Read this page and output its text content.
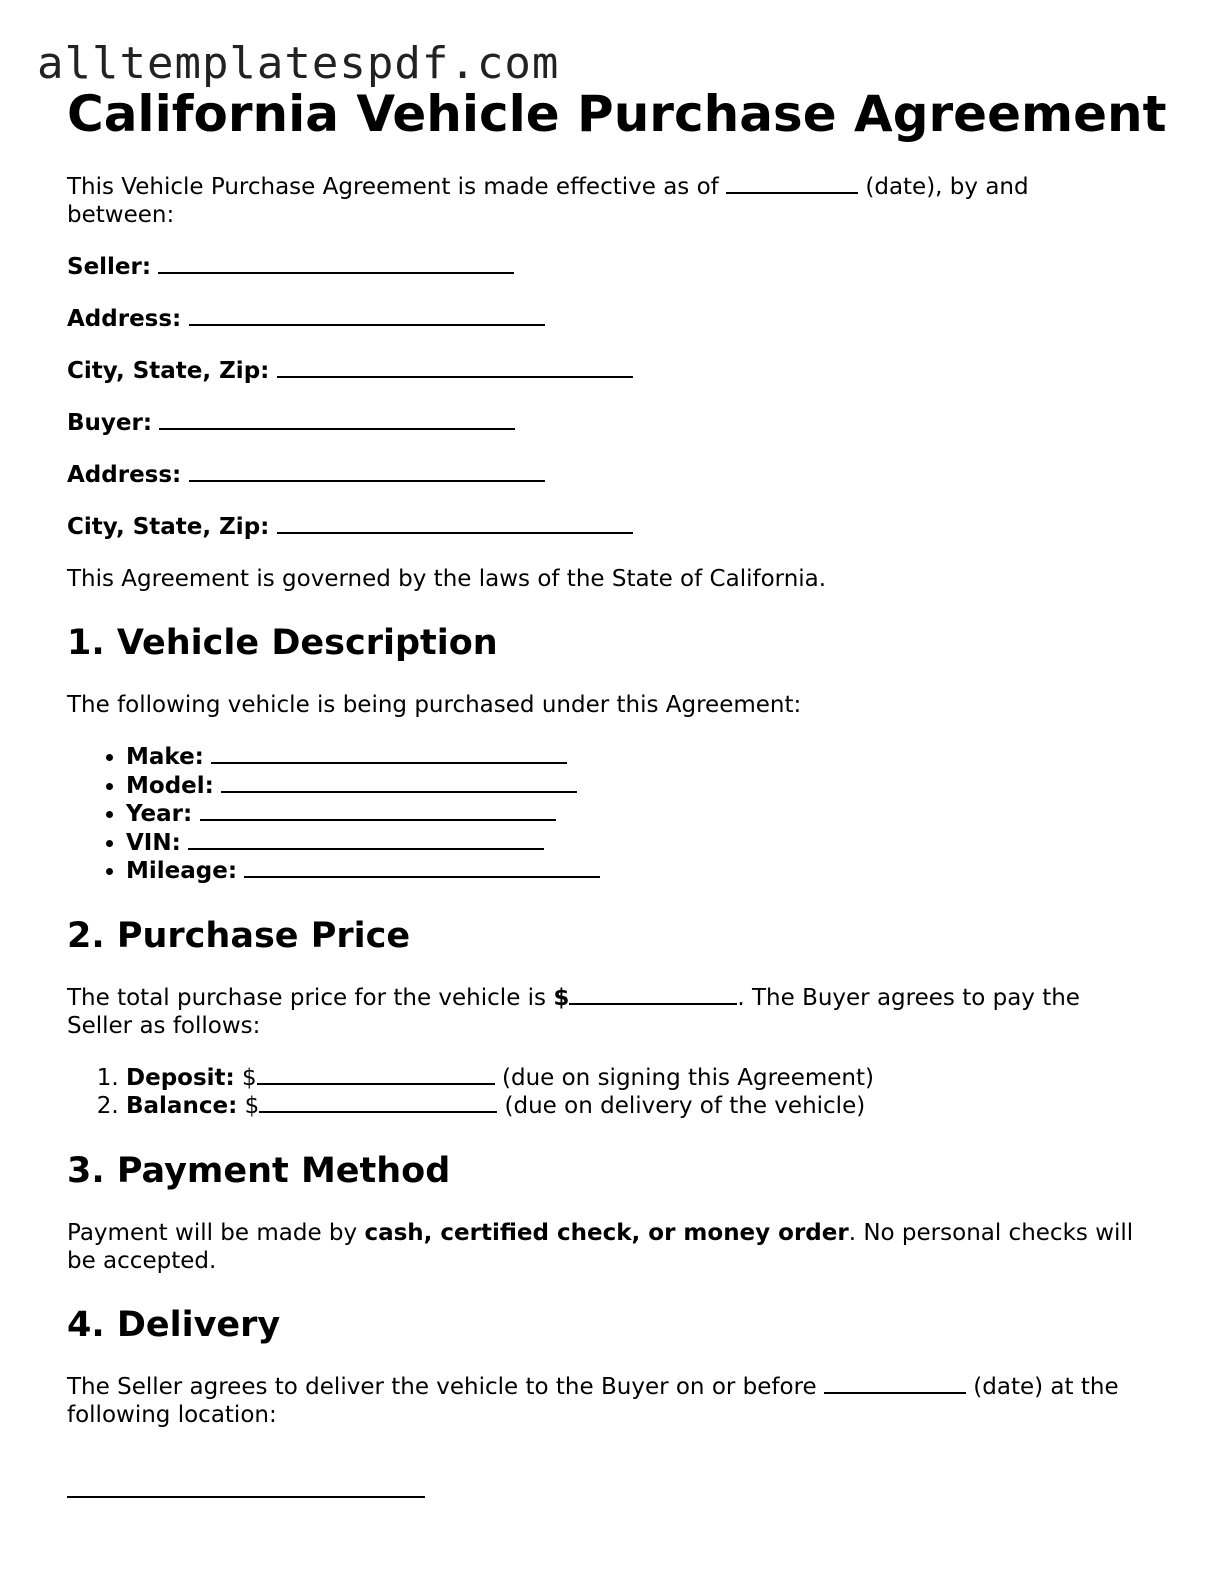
alltemplatespdf.com
California Vehicle Purchase Agreement

This Vehicle Purchase Agreement is made effective as of	(date), by and between:

Seller:

Address:

City, State, Zip:

Buyer:

Address:

City, State, Zip:

This Agreement is governed by the laws of the State of California.

1. Vehicle Description

The following vehicle is being purchased under this Agreement:

• Make:
• Model:
• Year:
• VIN:
• Mileage:
2. Purchase Price

The total purchase price for the vehicle is $	. The Buyer agrees to pay the Seller as follows:

1. Deposit: $	(due on signing this Agreement)
2. Balance: $	(due on delivery of the vehicle)
3. Payment Method

Payment will be made by cash, certified check, or money order. No personal checks will be accepted.

4. Delivery

The Seller agrees to deliver the vehicle to the Buyer on or before	(date) at the following location:
